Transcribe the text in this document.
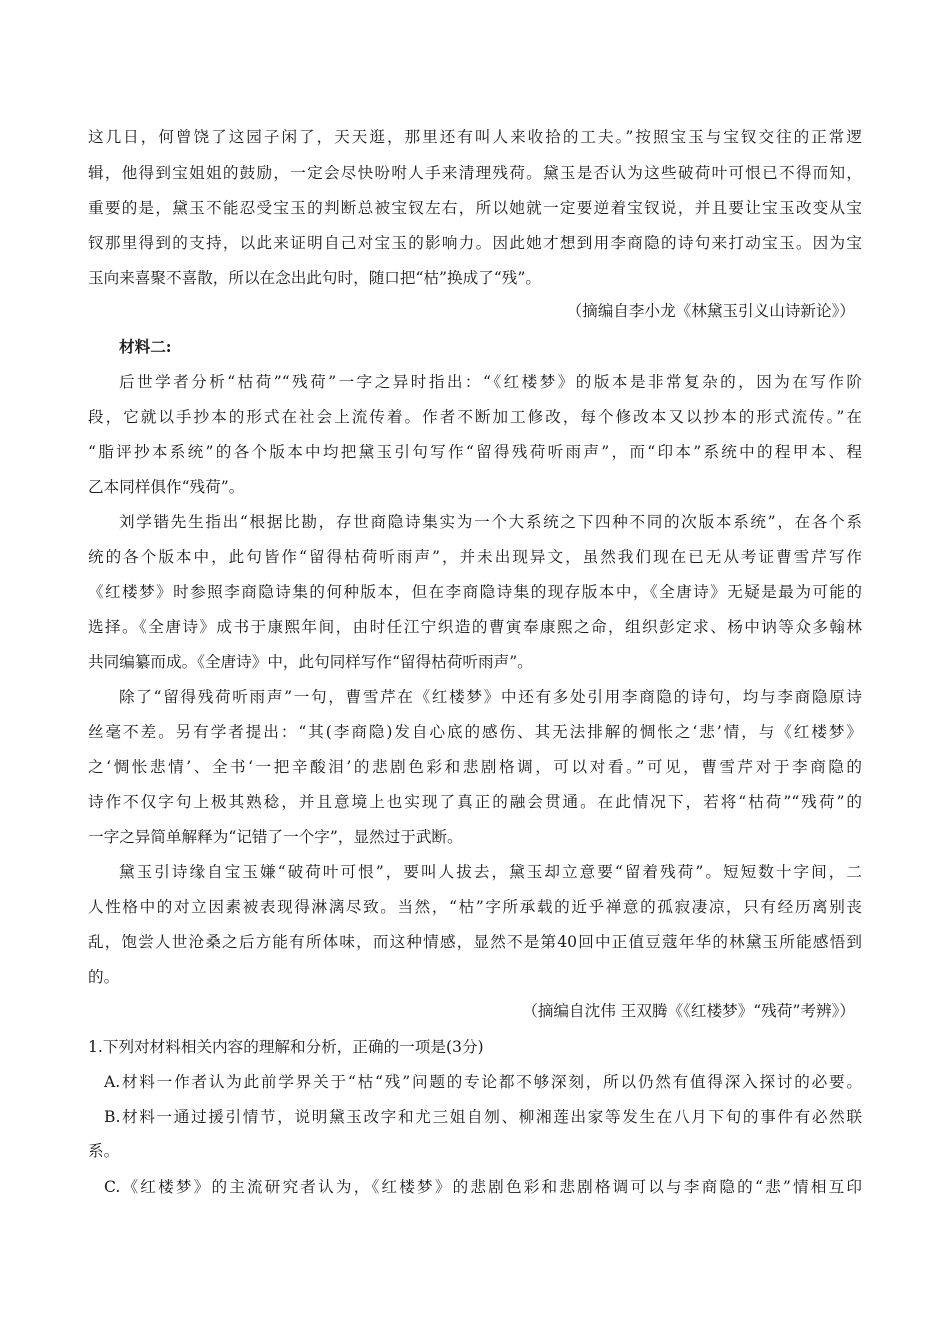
这几日，何曾饶了这园子闲了，天天逛，那里还有叫人来收拾的工夫。”按照宝玉与宝钗交往的正常逻
辑，他得到宝姐姐的鼓励，一定会尽快吩咐人手来清理残荷。黛玉是否认为这些破荷叶可恨已不得而知，
重要的是，黛玉不能忍受宝玉的判断总被宝钗左右，所以她就一定要逆着宝钗说，并且要让宝玉改变从宝
钗那里得到的支持，以此来证明自己对宝玉的影响力。因此她才想到用李商隐的诗句来打动宝玉。因为宝
玉向来喜聚不喜散，所以在念出此句时，随口把“枯”换成了“残”。
（摘编自李小龙《林黛玉引义山诗新论》）
材料二:
后世学者分析“枯荷”“残荷”一字之异时指出：“《红楼梦》的版本是非常复杂的，因为在写作阶
段，它就以手抄本的形式在社会上流传着。作者不断加工修改，每个修改本又以抄本的形式流传。”在
“脂评抄本系统”的各个版本中均把黛玉引句写作“留得残荷听雨声”，而“印本”系统中的程甲本、程
乙本同样俱作“残荷”。
刘学锴先生指出“根据比勘，存世商隐诗集实为一个大系统之下四种不同的次版本系统”，在各个系
统的各个版本中，此句皆作“留得枯荷听雨声”，并未出现异文，虽然我们现在已无从考证曹雪芹写作
《红楼梦》时参照李商隐诗集的何种版本，但在李商隐诗集的现存版本中，《全唐诗》无疑是最为可能的
选择。《全唐诗》成书于康熙年间，由时任江宁织造的曹寅奉康熙之命，组织彭定求、杨中讷等众多翰林
共同编纂而成。《全唐诗》中，此句同样写作“留得枯荷听雨声”。
除了“留得残荷听雨声”一句，曹雪芹在《红楼梦》中还有多处引用李商隐的诗句，均与李商隐原诗
丝毫不差。另有学者提出：“其(李商隐)发自心底的感伤、其无法排解的惆怅之‘悲’情，与《红楼梦》
之‘惆怅悲情’、全书‘一把辛酸泪’的悲剧色彩和悲剧格调，可以对看。”可见，曹雪芹对于李商隐的
诗作不仅字句上极其熟稔，并且意境上也实现了真正的融会贯通。在此情况下，若将“枯荷”“残荷”的
一字之异简单解释为“记错了一个字”，显然过于武断。
黛玉引诗缘自宝玉嫌“破荷叶可恨”，要叫人拔去，黛玉却立意要“留着残荷”。短短数十字间，二
人性格中的对立因素被表现得淋漓尽致。当然，“枯”字所承载的近乎禅意的孤寂凄凉，只有经历离别丧
乱，饱尝人世沧桑之后方能有所体味，而这种情感，显然不是第40回中正值豆蔻年华的林黛玉所能感悟到
的。
（摘编自沈伟 王双腾《《红楼梦》“残荷”考辨》）
1.下列对材料相关内容的理解和分析，正确的一项是(3分)
A.材料一作者认为此前学界关于“枯“残”问题的专论都不够深刻，所以仍然有值得深入探讨的必要。
B.材料一通过援引情节，说明黛玉改字和尤三姐自刎、柳湘莲出家等发生在八月下旬的事件有必然联
系。
C.《红楼梦》的主流研究者认为，《红楼梦》的悲剧色彩和悲剧格调可以与李商隐的“悲”情相互印
